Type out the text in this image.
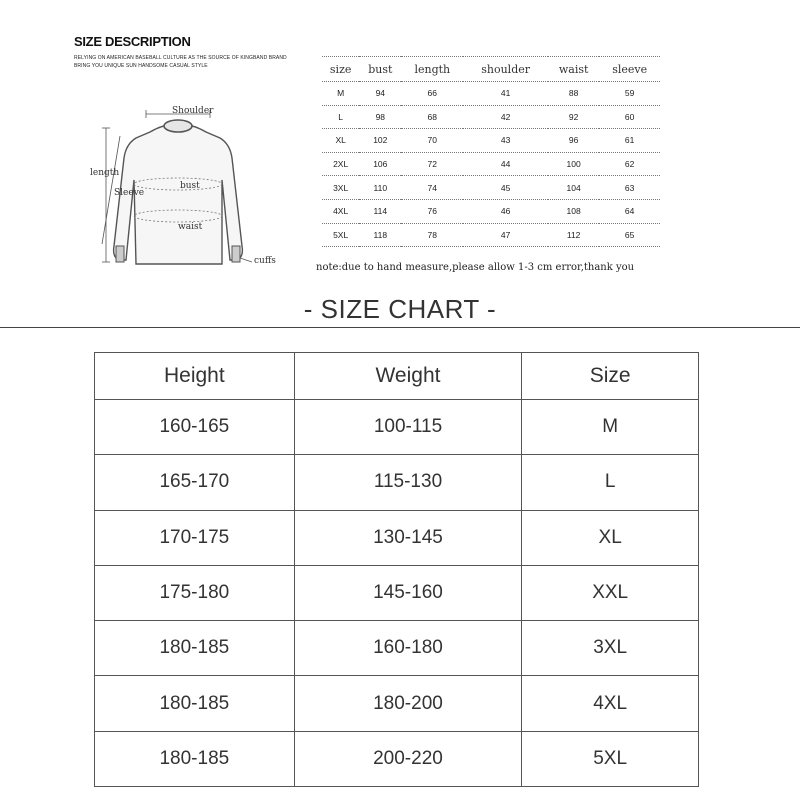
SIZE DESCRIPTION
RELYING ON AMERICAN BASEBALL CULTURE AS THE SOURCE OF KINGBAND BRAND
BRING YOU UNIQUE SUN HANDSOME CASUAL STYLE
Shoulder
length
Sleeve
bust
waist
cuffs
size	bust	length	shoulder	waist	sleeve
M	94	66	41	88	59
L	98	68	42	92	60
XL	102	70	43	96	61
2XL	106	72	44	100	62
3XL	110	74	45	104	63
4XL	114	76	46	108	64
5XL	118	78	47	112	65
note:due to hand measure,please allow 1-3 cm error,thank you
- SIZE CHART -
Height	Weight	Size
160-165	100-115	M
165-170	115-130	L
170-175	130-145	XL
175-180	145-160	XXL
180-185	160-180	3XL
180-185	180-200	4XL
180-185	200-220	5XL
